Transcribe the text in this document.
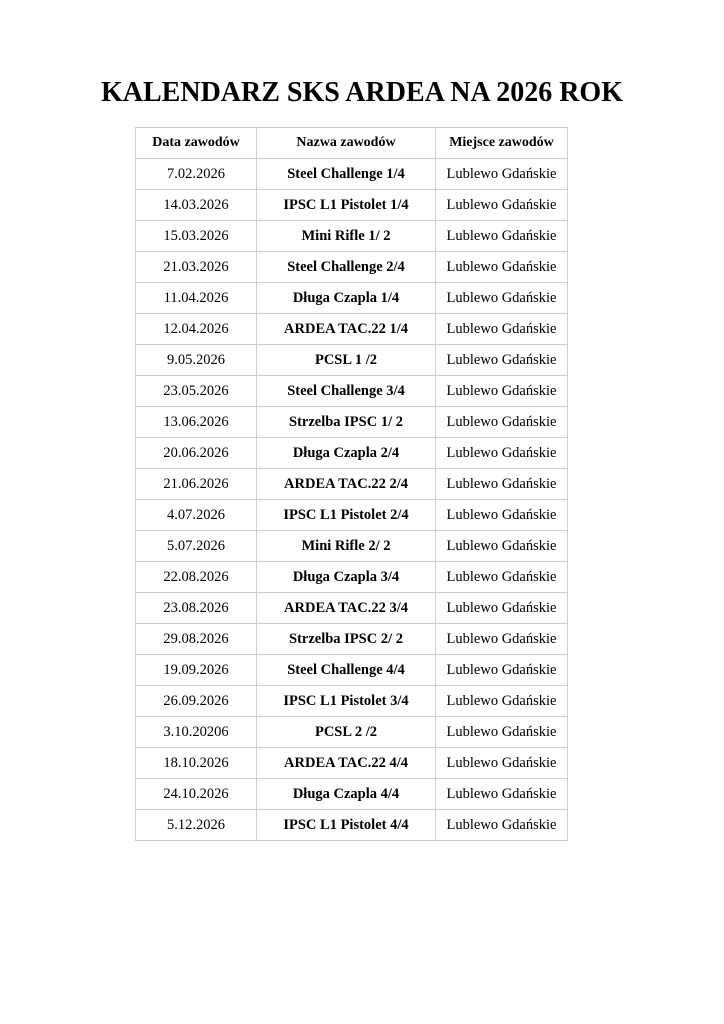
KALENDARZ SKS ARDEA NA 2026 ROK
Data zawodów	Nazwa zawodów	Miejsce zawodów
7.02.2026	Steel Challenge 1/4	Lublewo Gdańskie
14.03.2026	IPSC L1 Pistolet 1/4	Lublewo Gdańskie
15.03.2026	Mini Rifle 1/ 2	Lublewo Gdańskie
21.03.2026	Steel Challenge 2/4	Lublewo Gdańskie
11.04.2026	Długa Czapla 1/4	Lublewo Gdańskie
12.04.2026	ARDEA TAC.22 1/4	Lublewo Gdańskie
9.05.2026	PCSL 1 /2	Lublewo Gdańskie
23.05.2026	Steel Challenge 3/4	Lublewo Gdańskie
13.06.2026	Strzelba IPSC 1/ 2	Lublewo Gdańskie
20.06.2026	Długa Czapla 2/4	Lublewo Gdańskie
21.06.2026	ARDEA TAC.22 2/4	Lublewo Gdańskie
4.07.2026	IPSC L1 Pistolet 2/4	Lublewo Gdańskie
5.07.2026	Mini Rifle 2/ 2	Lublewo Gdańskie
22.08.2026	Długa Czapla 3/4	Lublewo Gdańskie
23.08.2026	ARDEA TAC.22 3/4	Lublewo Gdańskie
29.08.2026	Strzelba IPSC 2/ 2	Lublewo Gdańskie
19.09.2026	Steel Challenge 4/4	Lublewo Gdańskie
26.09.2026	IPSC L1 Pistolet 3/4	Lublewo Gdańskie
3.10.20206	PCSL 2 /2	Lublewo Gdańskie
18.10.2026	ARDEA TAC.22 4/4	Lublewo Gdańskie
24.10.2026	Długa Czapla 4/4	Lublewo Gdańskie
5.12.2026	IPSC L1 Pistolet 4/4	Lublewo Gdańskie
